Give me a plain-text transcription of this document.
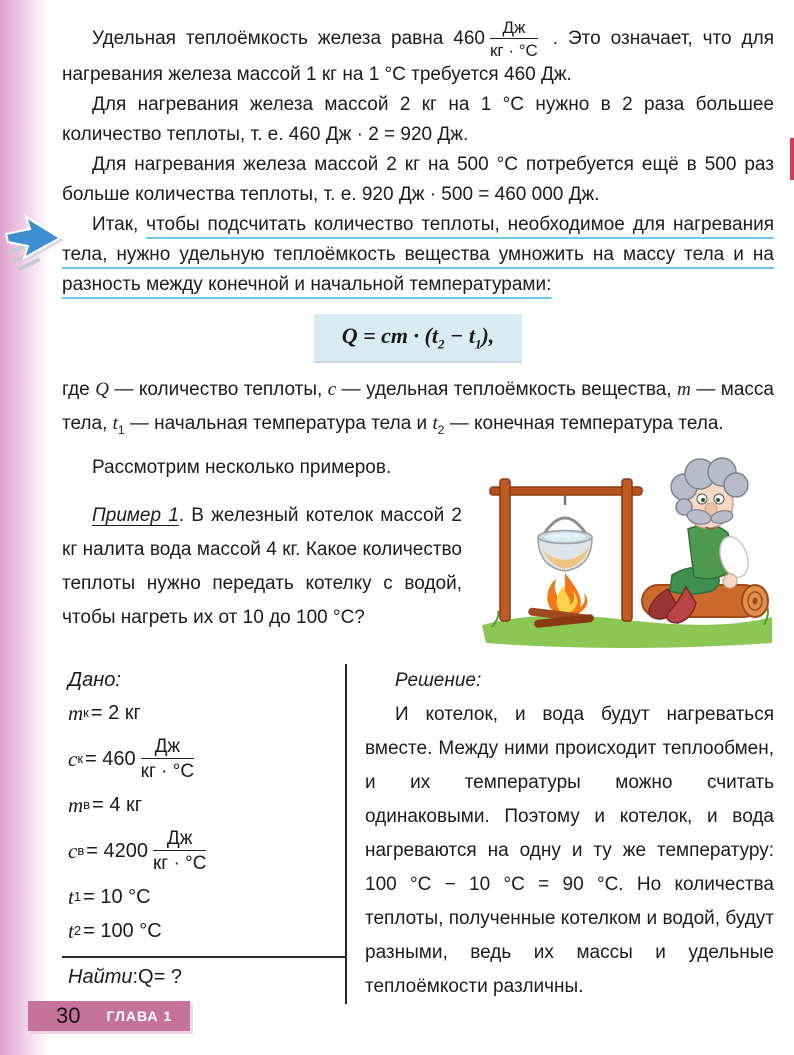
Удельная теплоёмкость железа равна $460 \frac{Дж}{кг \cdot ^\circ С}$ . Это означает, что для нагревания железа массой 1 кг на 1 °С требуется 460 Дж.
Для нагревания железа массой 2 кг на 1 °С нужно в 2 раза большее количество теплоты, т. е. 460 Дж · 2 = 920 Дж.
Для нагревания железа массой 2 кг на 500 °С потребуется ещё в 500 раз больше количества теплоты, т. е. 920 Дж · 500 = 460 000 Дж.
Итак, чтобы подсчитать количество теплоты, необходимое для нагревания тела, нужно удельную теплоёмкость вещества умножить на массу тела и на разность между конечной и начальной температурами:
Q = cm · $(t_2 - t_1)$,
где Q — количество теплоты, c — удельная теплоёмкость вещества, m — масса тела, $t_1$ — начальная температура тела и $t_2$ — конечная температура тела.
Рассмотрим несколько примеров.
Пример 1. В железный котелок массой 2 кг налита вода массой 4 кг. Какое количество теплоты нужно передать котелку с водой, чтобы нагреть их от 10 до 100 °С?
Дано:
m к = 2 кг
c $к = 460 \frac{Дж}{кг \cdot ^\circ С}$
m в = 4 кг
c $в = 4200 \frac{Дж}{кг \cdot ^\circ С}$
t 1 = 10 °С
t 2 = 100 °С
Найти : Q = ?
Решение:
И котелок, и вода будут нагреваться вместе. Между ними происходит теплообмен, и их температуры можно считать одинаковыми. Поэтому и котелок, и вода нагреваются на одну и ту же температуру: 100 °С − 10 °С = 90 °С. Но количества теплоты, полученные котелком и водой, будут разными, ведь их массы и удельные теплоёмкости различны.
30 ГЛАВА 1
